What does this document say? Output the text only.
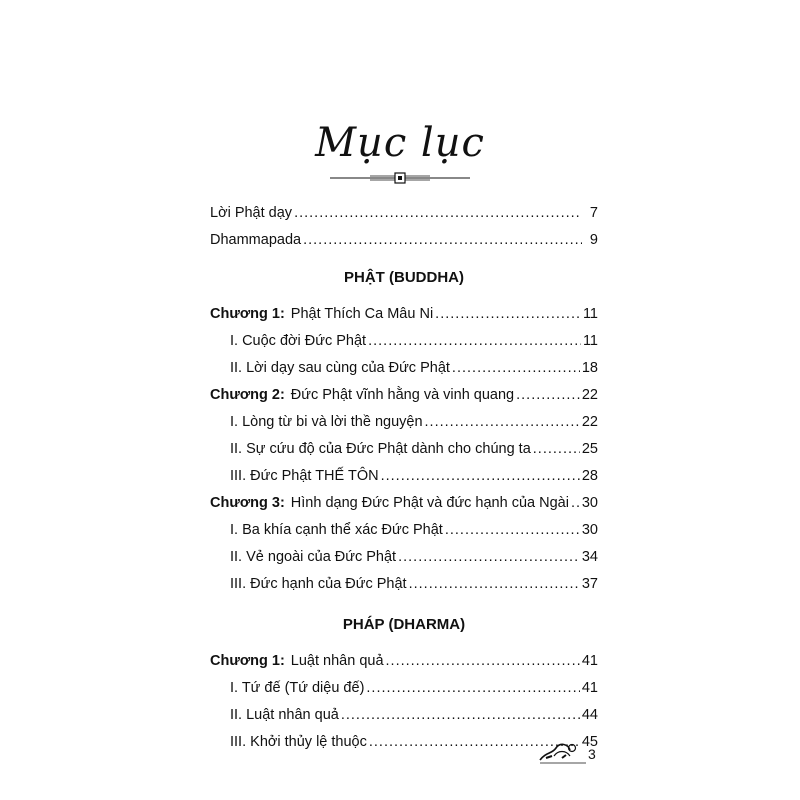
Mục lục
Lời Phật dạy .....	7
Dhammapada .....	9
PHẬT (BUDDHA)
Chương 1: Phật Thích Ca Mâu Ni .....	11
I. Cuộc đời Đức Phật .....	11
II. Lời dạy sau cùng của Đức Phật .....	18
Chương 2: Đức Phật vĩnh hằng và vinh quang .....	22
I. Lòng từ bi và lời thề nguyện .....	22
II. Sự cứu độ của Đức Phật dành cho chúng ta .....	25
III. Đức Phật THẾ TÔN .....	28
Chương 3: Hình dạng Đức Phật và đức hạnh của Ngài ..... 30
I. Ba khía cạnh thể xác Đức Phật .....	30
II. Vẻ ngoài của Đức Phật .....	34
III. Đức hạnh của Đức Phật .....	37
PHÁP (DHARMA)
Chương 1: Luật nhân quả .....	41
I. Tứ đế (Tứ diệu đế) .....	41
II. Luật nhân quả .....	44
III. Khởi thủy lệ thuộc .....	45
3
